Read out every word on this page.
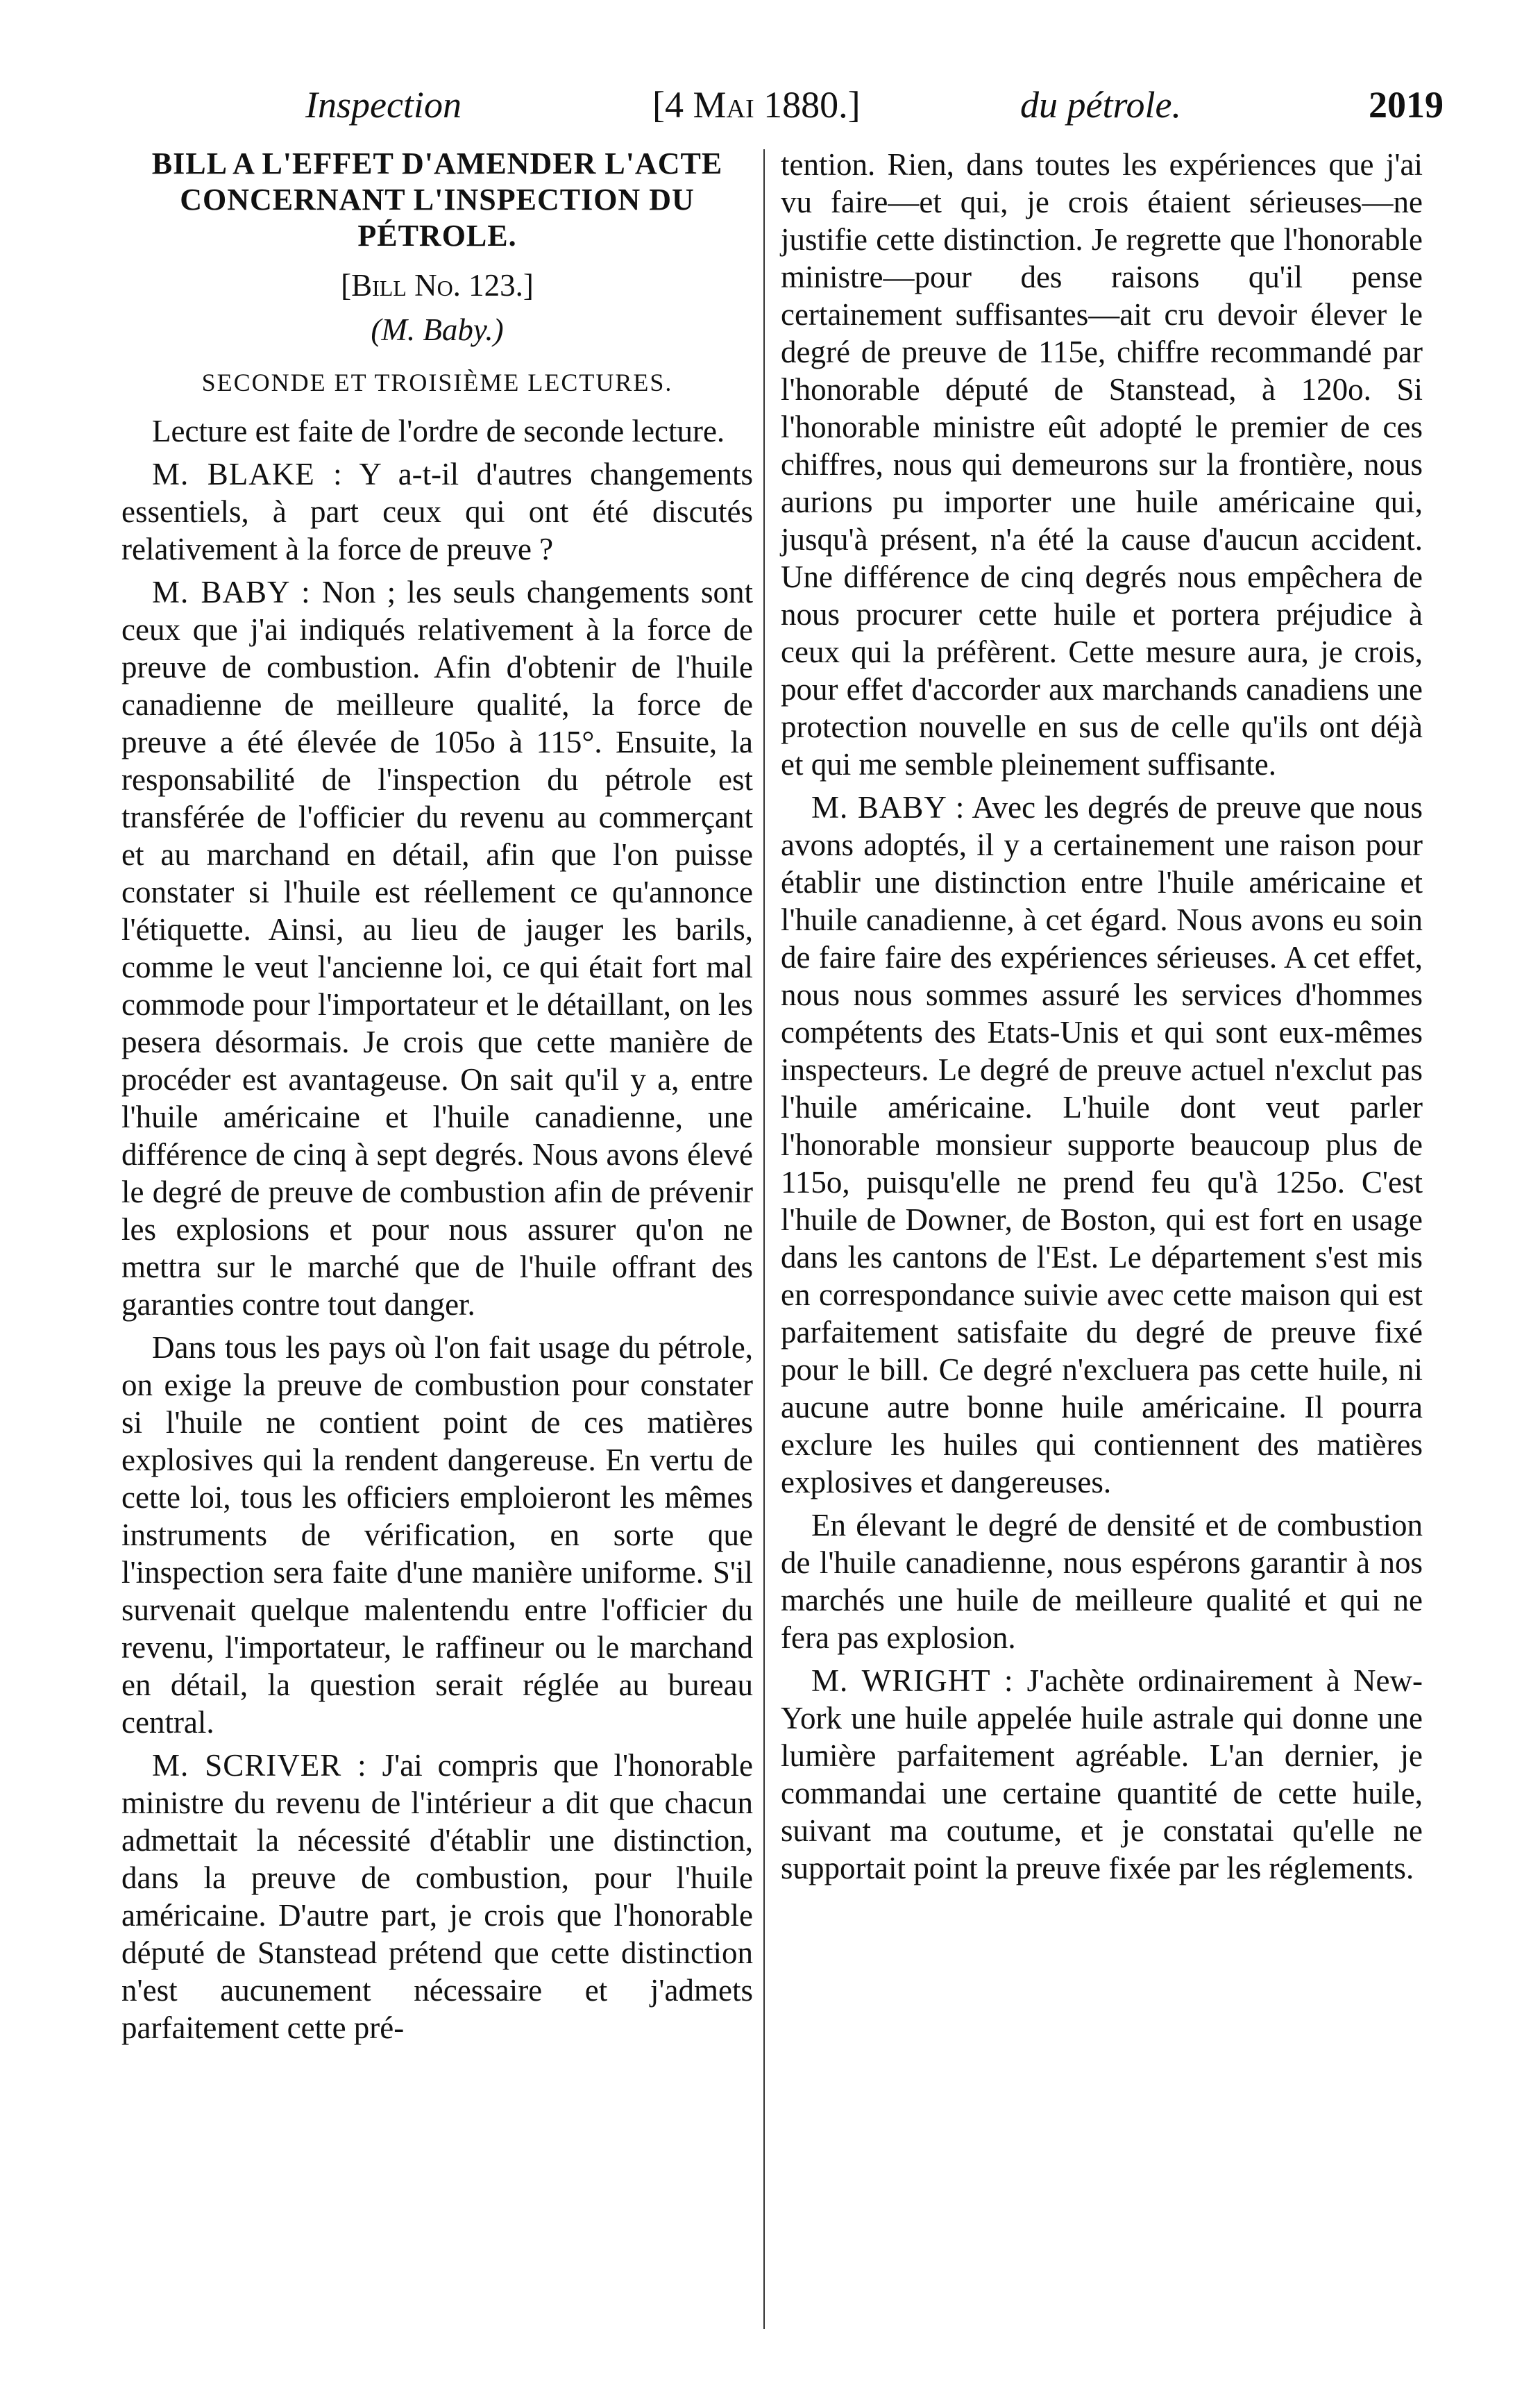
Inspection	[4 Mai 1880.]	du pétrole.	2019
BILL A L'EFFET D'AMENDER L'ACTE CONCERNANT L'INSPECTION DU PÉTROLE.
[Bill No. 123.]
(M. Baby.)
SECONDE ET TROISIÈME LECTURES.

Lecture est faite de l'ordre de seconde lecture.

M. BLAKE : Y a-t-il d'autres changements essentiels, à part ceux qui ont été discutés relativement à la force de preuve ?

M. BABY : Non ; les seuls changements sont ceux que j'ai indiqués relativement à la force de preuve de combustion. Afin d'obtenir de l'huile canadienne de meilleure qualité, la force de preuve a été élevée de 105o à 115°. Ensuite, la responsabilité de l'inspection du pétrole est transférée de l'officier du revenu au commerçant et au marchand en détail, afin que l'on puisse constater si l'huile est réellement ce qu'annonce l'étiquette. Ainsi, au lieu de jauger les barils, comme le veut l'ancienne loi, ce qui était fort mal commode pour l'importateur et le détaillant, on les pesera désormais. Je crois que cette manière de procéder est avantageuse. On sait qu'il y a, entre l'huile américaine et l'huile canadienne, une différence de cinq à sept degrés. Nous avons élevé le degré de preuve de combustion afin de prévenir les explosions et pour nous assurer qu'on ne mettra sur le marché que de l'huile offrant des garanties contre tout danger.

Dans tous les pays où l'on fait usage du pétrole, on exige la preuve de combustion pour constater si l'huile ne contient point de ces matières explosives qui la rendent dangereuse. En vertu de cette loi, tous les officiers emploieront les mêmes instruments de vérification, en sorte que l'inspection sera faite d'une manière uniforme. S'il survenait quelque malentendu entre l'officier du revenu, l'importateur, le raffineur ou le marchand en détail, la question serait réglée au bureau central.

M. SCRIVER : J'ai compris que l'honorable ministre du revenu de l'intérieur a dit que chacun admettait la nécessité d'établir une distinction, dans la preuve de combustion, pour l'huile américaine. D'autre part, je crois que l'honorable député de Stanstead prétend que cette distinction n'est aucunement nécessaire et j'admets parfaitement cette pré-

tention. Rien, dans toutes les expériences que j'ai vu faire—et qui, je crois étaient sérieuses—ne justifie cette distinction. Je regrette que l'honorable ministre—pour des raisons qu'il pense certainement suffisantes—ait cru devoir élever le degré de preuve de 115e, chiffre recommandé par l'honorable député de Stanstead, à 120o. Si l'honorable ministre eût adopté le premier de ces chiffres, nous qui demeurons sur la frontière, nous aurions pu importer une huile américaine qui, jusqu'à présent, n'a été la cause d'aucun accident. Une différence de cinq degrés nous empêchera de nous procurer cette huile et portera préjudice à ceux qui la préfèrent. Cette mesure aura, je crois, pour effet d'accorder aux marchands canadiens une protection nouvelle en sus de celle qu'ils ont déjà et qui me semble pleinement suffisante.

M. BABY : Avec les degrés de preuve que nous avons adoptés, il y a certainement une raison pour établir une distinction entre l'huile américaine et l'huile canadienne, à cet égard. Nous avons eu soin de faire faire des expériences sérieuses. A cet effet, nous nous sommes assuré les services d'hommes compétents des Etats-Unis et qui sont eux-mêmes inspecteurs. Le degré de preuve actuel n'exclut pas l'huile américaine. L'huile dont veut parler l'honorable monsieur supporte beaucoup plus de 115o, puisqu'elle ne prend feu qu'à 125o. C'est l'huile de Downer, de Boston, qui est fort en usage dans les cantons de l'Est. Le département s'est mis en correspondance suivie avec cette maison qui est parfaitement satisfaite du degré de preuve fixé pour le bill. Ce degré n'excluera pas cette huile, ni aucune autre bonne huile américaine. Il pourra exclure les huiles qui contiennent des matières explosives et dangereuses.

En élevant le degré de densité et de combustion de l'huile canadienne, nous espérons garantir à nos marchés une huile de meilleure qualité et qui ne fera pas explosion.

M. WRIGHT : J'achète ordinairement à New-York une huile appelée huile astrale qui donne une lumière parfaitement agréable. L'an dernier, je commandai une certaine quantité de cette huile, suivant ma coutume, et je constatai qu'elle ne supportait point la preuve fixée par les réglements.
